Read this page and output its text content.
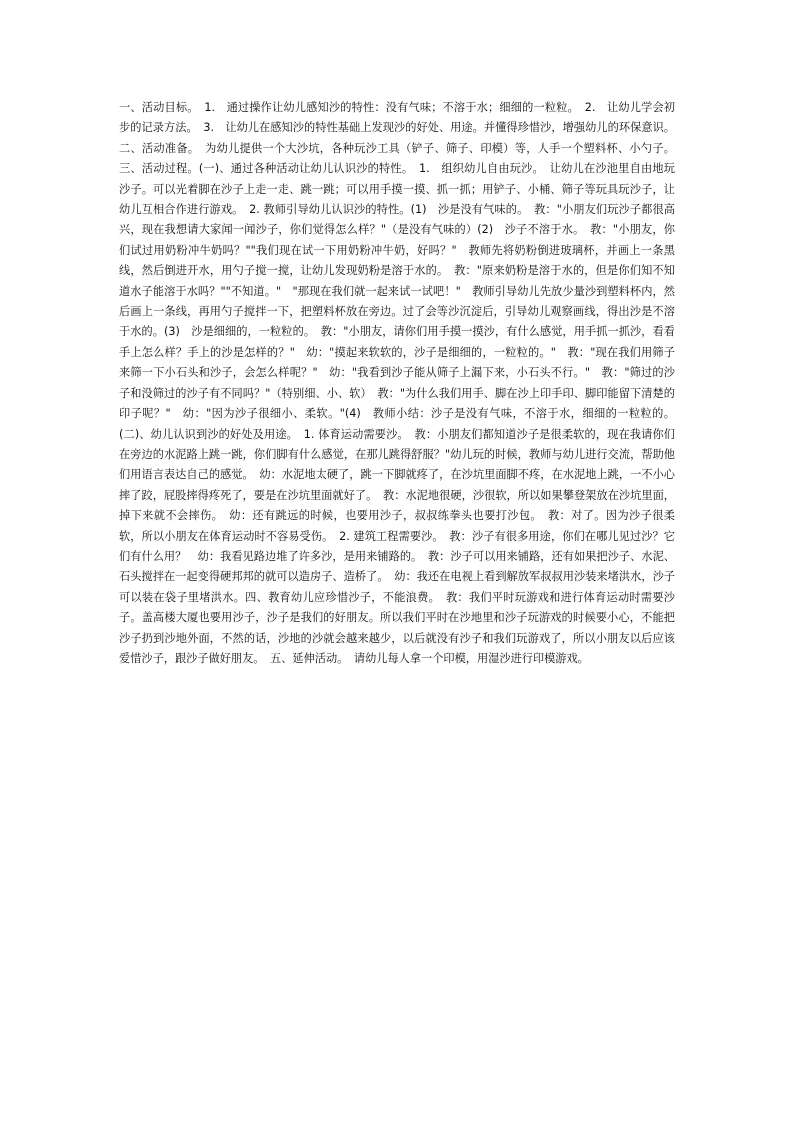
一、活动目标。　1.　通过操作让幼儿感知沙的特性：没有气味；不溶于水；细细的一粒粒。　2.　让幼儿学会初步的记录方法。　3.　让幼儿在感知沙的特性基础上发现沙的好处、用途。并懂得珍惜沙，增强幼儿的环保意识。二、活动准备。　为幼儿提供一个大沙坑，各种玩沙工具（铲子、筛子、印模）等，人手一个塑料杯、小勺子。三、活动过程。(一)、通过各种活动让幼儿认识沙的特性。　1.　组织幼儿自由玩沙。　让幼儿在沙池里自由地玩沙子。可以光着脚在沙子上走一走、跳一跳；可以用手摸一摸、抓一抓；用铲子、小桶、筛子等玩具玩沙子，让幼儿互相合作进行游戏。　2. 教师引导幼儿认识沙的特性。(1)　沙是没有气味的。　教："小朋友们玩沙子都很高兴，现在我想请大家闻一闻沙子，你们觉得怎么样？"（是没有气味的）(2)　沙子不溶于水。　教："小朋友，你们试过用奶粉冲牛奶吗？""我们现在试一下用奶粉冲牛奶，好吗？"　教师先将奶粉倒进玻璃杯，并画上一条黑线，然后倒进开水，用勺子搅一搅，让幼儿发现奶粉是溶于水的。　教："原来奶粉是溶于水的，但是你们知不知道水子能溶于水吗？""不知道。"　"那现在我们就一起来试一试吧！"　教师引导幼儿先放少量沙到塑料杯内，然后画上一条线，再用勺子搅拌一下，把塑料杯放在旁边。过了会等沙沉淀后，引导幼儿观察画线，得出沙是不溶于水的。(3)　沙是细细的，一粒粒的。　教："小朋友，请你们用手摸一摸沙，有什么感觉，用手抓一抓沙，看看手上怎么样？手上的沙是怎样的？"　幼："摸起来软软的，沙子是细细的，一粒粒的。"　教："现在我们用筛子来筛一下小石头和沙子，会怎么样呢？"　幼："我看到沙子能从筛子上漏下来，小石头不行。"　教："筛过的沙子和没筛过的沙子有不同吗？"（特别细、小、软）　教："为什么我们用手、脚在沙上印手印、脚印能留下清楚的印子呢？"　幼："因为沙子很细小、柔软。"(4)　教师小结：沙子是没有气味，不溶于水，细细的一粒粒的。(二)、幼儿认识到沙的好处及用途。　1. 体育运动需要沙。　教：小朋友们都知道沙子是很柔软的，现在我请你们在旁边的水泥路上跳一跳，你们脚有什么感觉，在那儿跳得舒服？"幼儿玩的时候，教师与幼儿进行交流，帮助他们用语言表达自己的感觉。　幼：水泥地太硬了，跳一下脚就疼了，在沙坑里面脚不疼，在水泥地上跳，一不小心摔了跤，屁股摔得疼死了，要是在沙坑里面就好了。　教：水泥地很硬，沙很软，所以如果攀登架放在沙坑里面，掉下来就不会摔伤。　幼：还有跳远的时候，也要用沙子，叔叔练拳头也要打沙包。　教：对了。因为沙子很柔软，所以小朋友在体育运动时不容易受伤。　2. 建筑工程需要沙。　教：沙子有很多用途，你们在哪儿见过沙？它们有什么用？　幼：我看见路边堆了许多沙，是用来铺路的。　教：沙子可以用来铺路，还有如果把沙子、水泥、石头搅拌在一起变得硬邦邦的就可以造房子、造桥了。　幼：我还在电视上看到解放军叔叔用沙装来堵洪水，沙子可以装在袋子里堵洪水。四、教育幼儿应珍惜沙子，不能浪费。　教：我们平时玩游戏和进行体育运动时需要沙子。盖高楼大厦也要用沙子，沙子是我们的好朋友。所以我们平时在沙地里和沙子玩游戏的时候要小心，不能把沙子扔到沙地外面，不然的话，沙地的沙就会越来越少，以后就没有沙子和我们玩游戏了，所以小朋友以后应该爱惜沙子，跟沙子做好朋友。　五、延伸活动。　请幼儿每人拿一个印模，用湿沙进行印模游戏。
